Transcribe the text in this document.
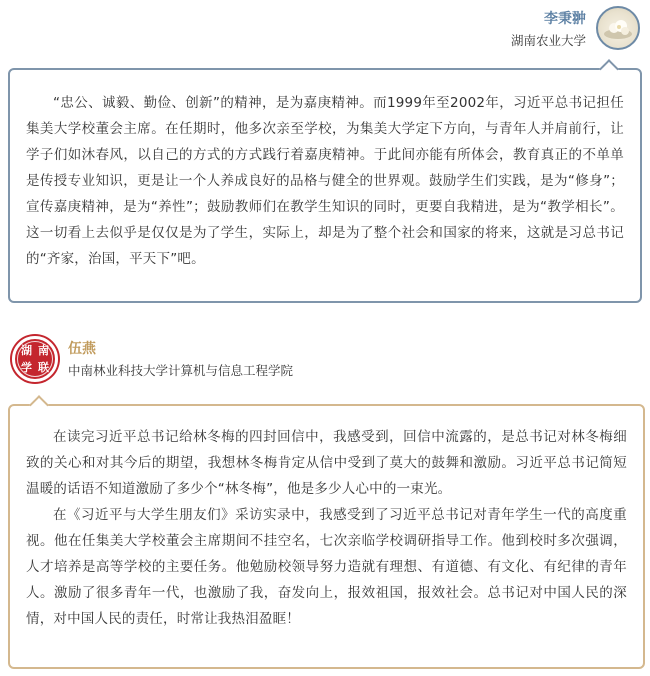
李秉翀
湖南农业大学

“忠公、诚毅、勤俭、创新”的精神，是为嘉庚精神。而1999年至2002年，习近平总书记担任集美大学校董会主席。在任期时，他多次亲至学校，为集美大学定下方向，与青年人并肩前行，让学子们如沐春风，以自己的方式的方式践行着嘉庚精神。于此间亦能有所体会，教育真正的不单单是传授专业知识，更是让一个人养成良好的品格与健全的世界观。鼓励学生们实践，是为“修身”；宣传嘉庚精神，是为“养性”；鼓励教师们在教学生知识的同时，更要自我精进，是为“教学相长”。这一切看上去似乎是仅仅是为了学生，实际上，却是为了整个社会和国家的将来，这就是习总书记的“齐家，治国，平天下”吧。

湖 南
学 联
伍燕
中南林业科技大学计算机与信息工程学院

在读完习近平总书记给林冬梅的四封回信中，我感受到，回信中流露的，是总书记对林冬梅细致的关心和对其今后的期望，我想林冬梅肯定从信中受到了莫大的鼓舞和激励。习近平总书记简短温暖的话语不知道激励了多少个“林冬梅”，他是多少人心中的一束光。

在《习近平与大学生朋友们》采访实录中，我感受到了习近平总书记对青年学生一代的高度重视。他在任集美大学校董会主席期间不挂空名，七次亲临学校调研指导工作。他到校时多次强调，人才培养是高等学校的主要任务。他勉励校领导努力造就有理想、有道德、有文化、有纪律的青年人。激励了很多青年一代，也激励了我，奋发向上，报效祖国，报效社会。总书记对中国人民的深情，对中国人民的责任，时常让我热泪盈眶！
